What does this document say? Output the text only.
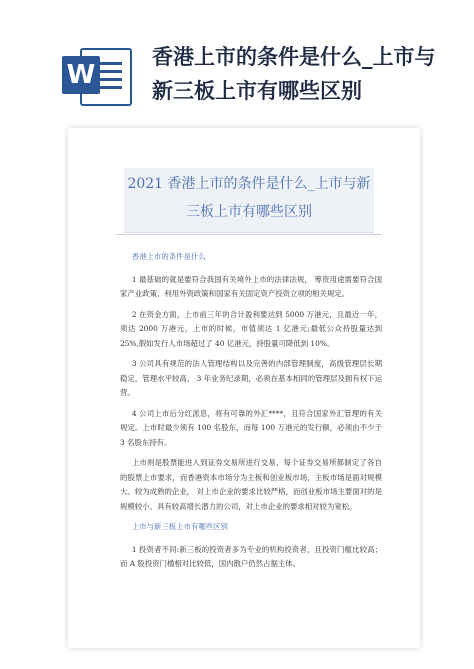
W
香港上市的条件是什么_上市与新三板上市有哪些区别
2021 香港上市的条件是什么_上市与新三板上市有哪些区别

香港上市的条件是什么

1 最基础的就是要符合我国有关境外上市的法律法规， 筹资用途需要符合国家产业政策、利用外资政策和国家有关固定资产投资立项的相关规定。

2 在资金方面，上市前三年的合计盈利要达到 5000 万港元，且最近一年，须达 2000 万港元，上市的时候，市值须达 1 亿港元;最低公众持股量达到 25%,假如发行人市场超过了 40 亿港元，持股量可降低到 10%。

3 公司具有规范的法人管理结构以及完善的内部管理制度，高级管理层长期稳定，管理水平较高， 3 年业务纪录期，必须在基本相同的管理层及拥有权下运营。

4 公司上市后分红派息，将有可靠的外汇****，且符合国家外汇管理的有关规定。上市时最少须有 100 名股东，而每 100 万港元的发行额，必须由不少于 3 名股东持有。

上市则是股票能进入到证券交易所进行交易，每个证券交易所都制定了各自的股票上市要求，而香港资本市场分为主板和创业板市场，主板市场是面对规模大、较为成熟的企业， 对上市企业的要求比较严格，而创业板市场主要面对的是规模较小、具有较高增长潜力的公司，对上市企业的要求相对较为宽松。

上市与新三板上市有哪些区别

1 投资者不同:新三板的投资者多为专业的机构投资者，且投资门槛比较高；而 A 股投资门槛相对比较低，国内散户仍然占据主体。
